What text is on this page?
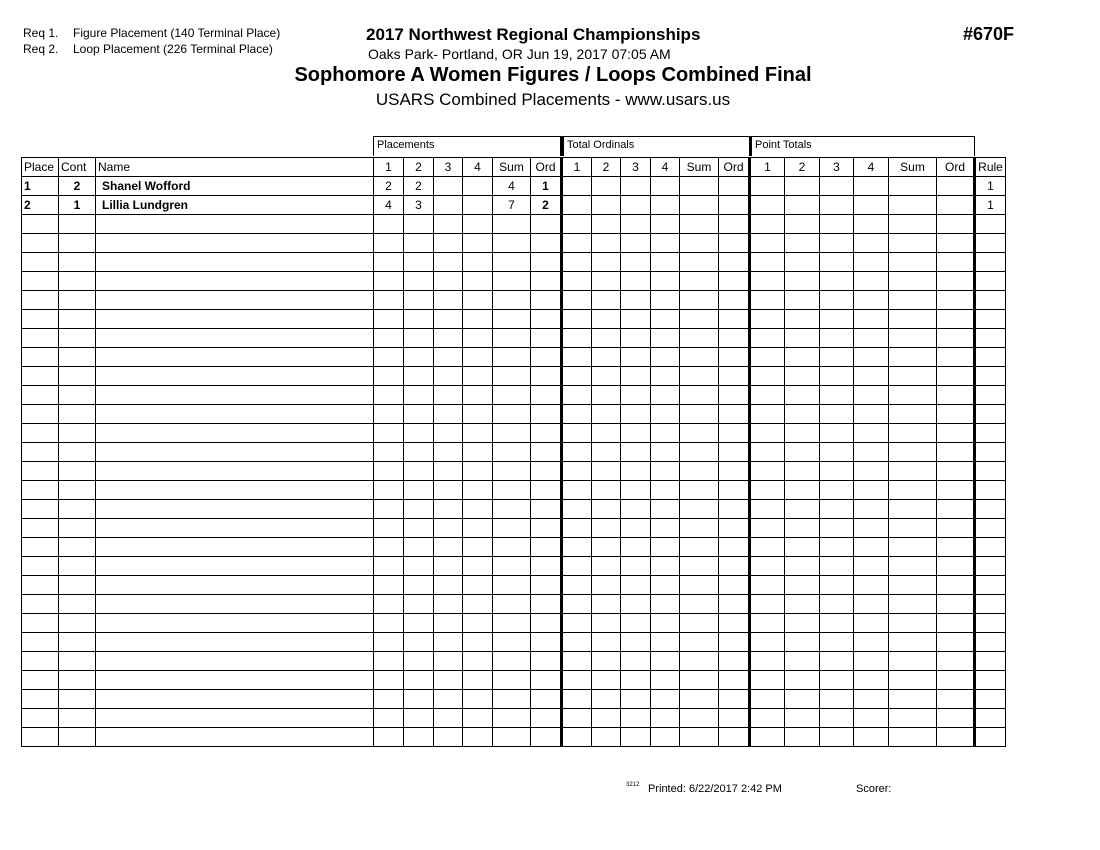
Req 1. Figure Placement (140 Terminal Place)
Req 2. Loop Placement (226 Terminal Place)
2017 Northwest Regional Championships
Oaks Park- Portland, OR Jun 19, 2017 07:05 AM
Sophomore A Women Figures / Loops Combined Final
USARS Combined Placements - www.usars.us
#670F
Placements	Total Ordinals	Point Totals
Place	Cont	Name	1	2	3	4	Sum	Ord	1	2	3	4	Sum	Ord	1	2	3	4	Sum	Ord	Rule
1	2	Shanel Wofford	2	2			4	1													1
2	1	Lillia Lundgren	4	3			7	2													1

3212 Printed: 6/22/2017 2:42 PM	Scorer:
